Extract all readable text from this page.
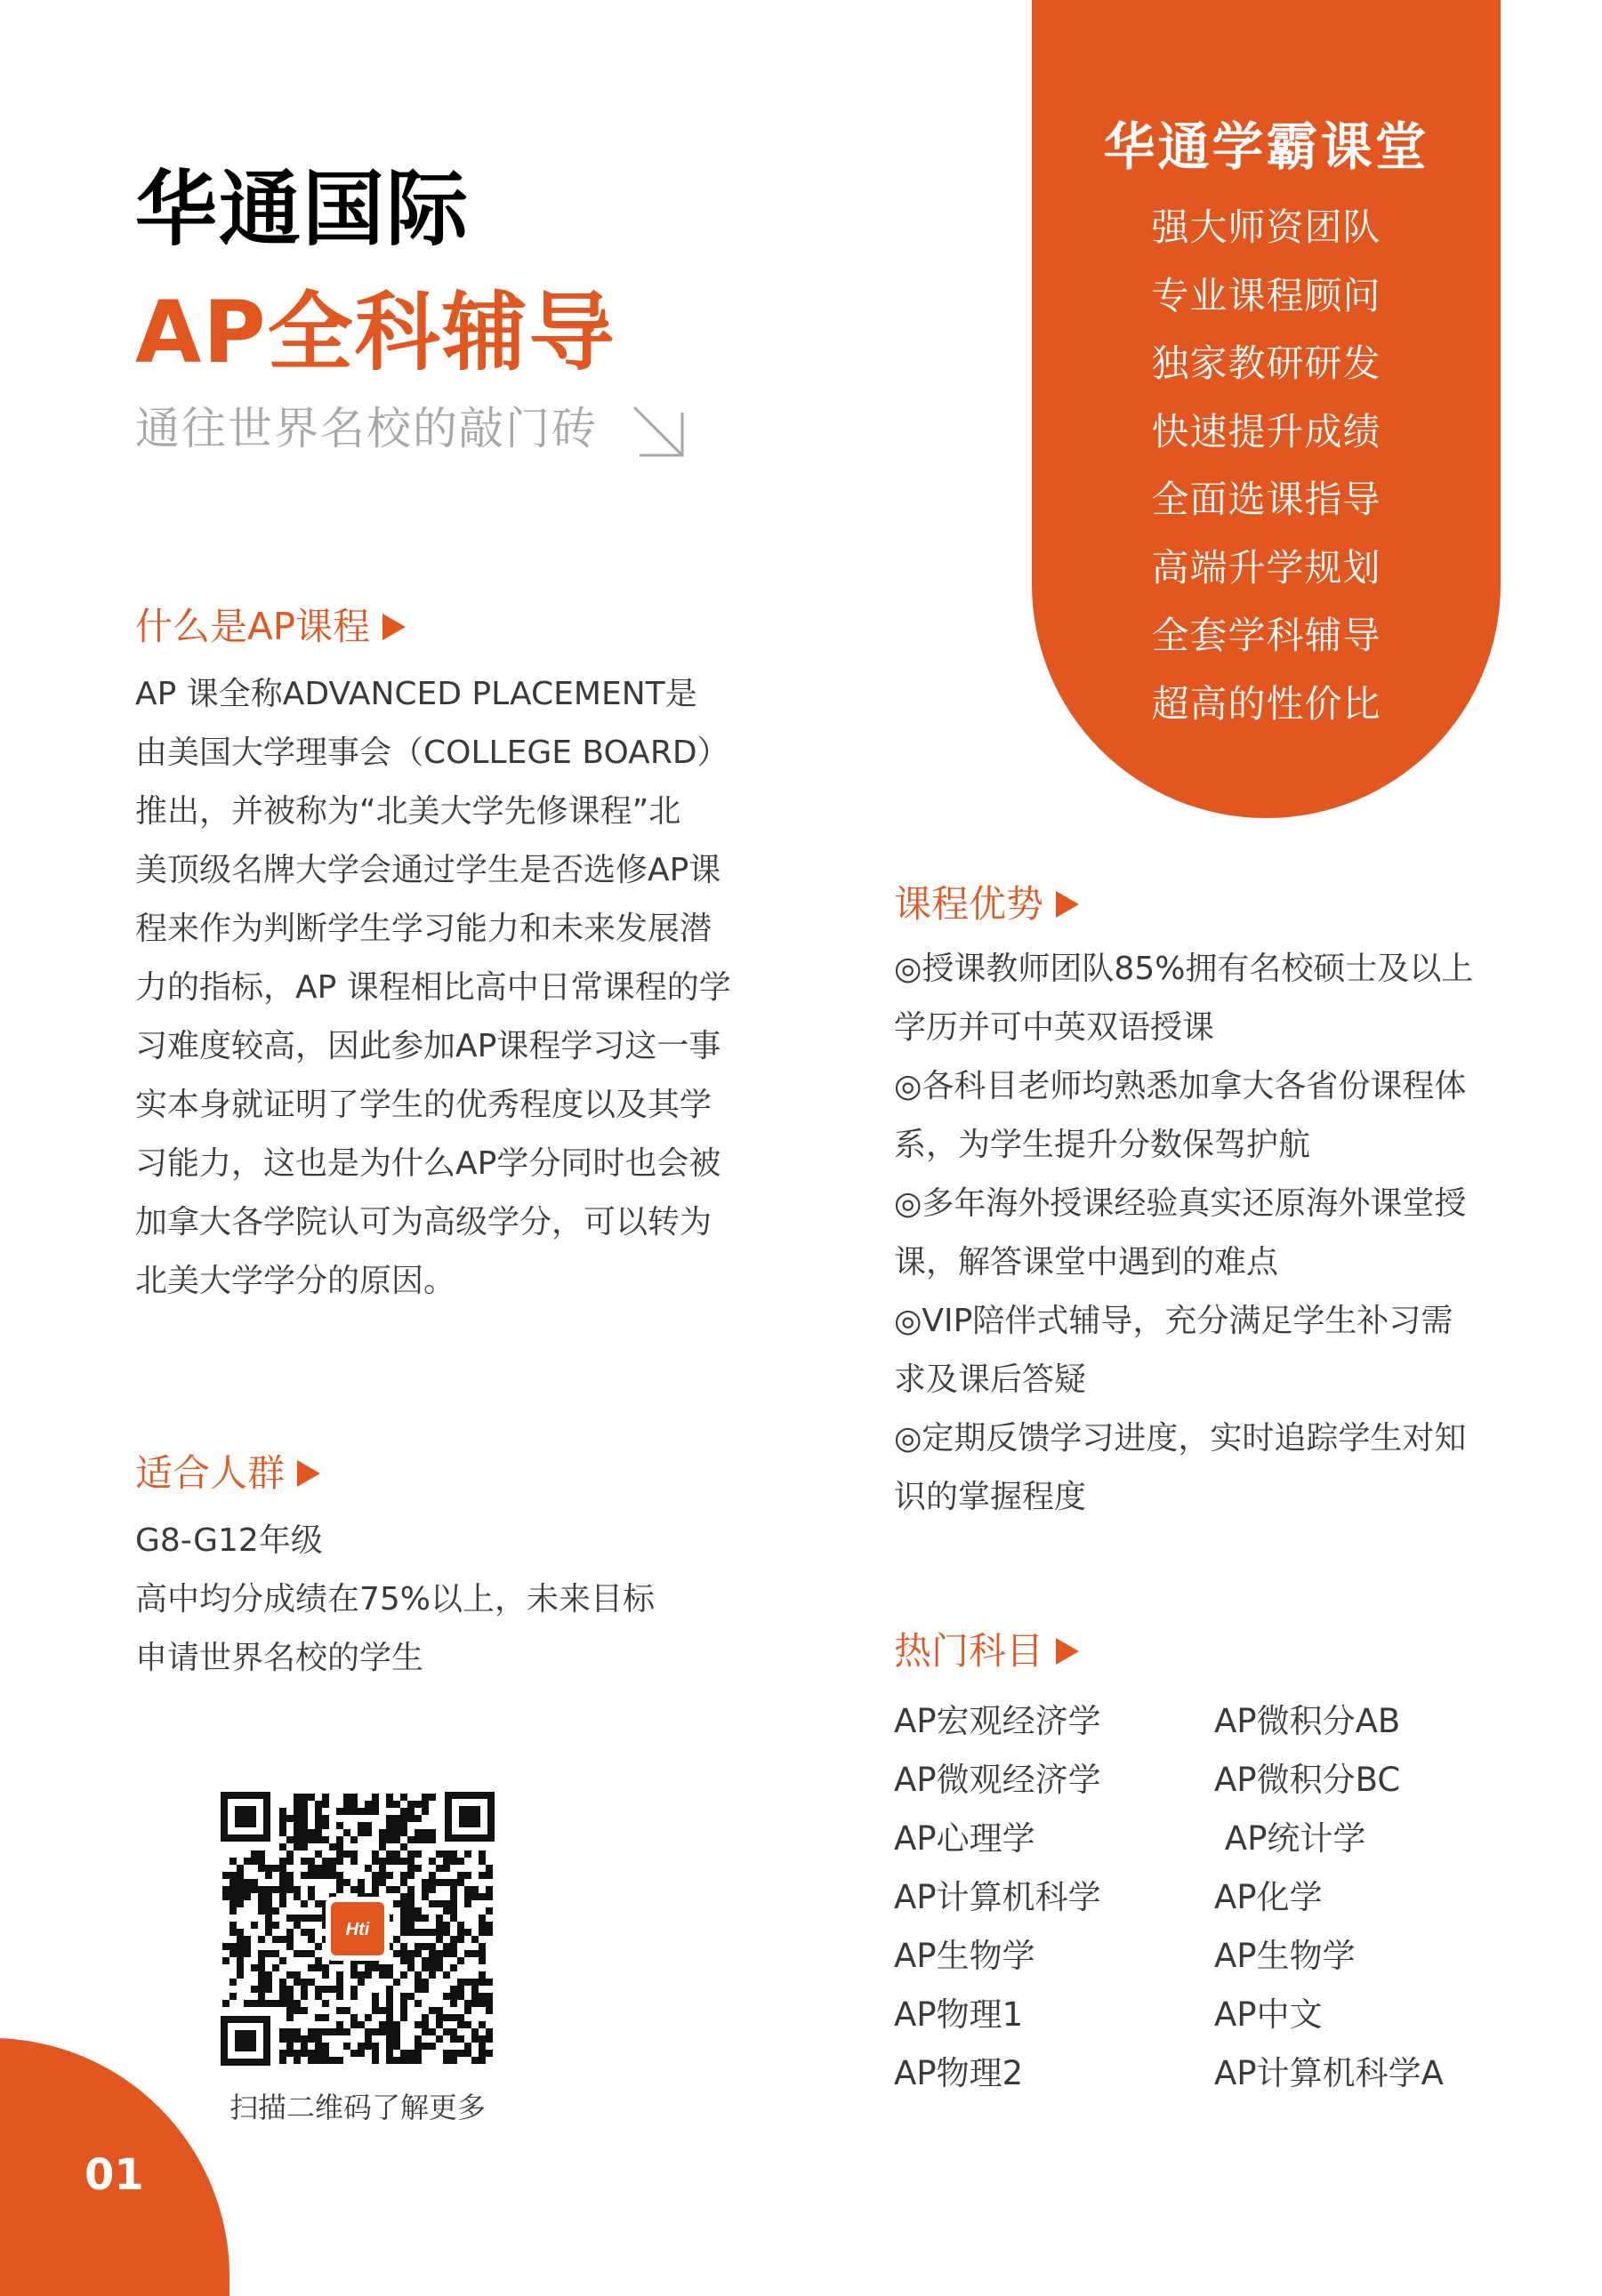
华通学霸课堂
强大师资团队
专业课程顾问
独家教研研发
快速提升成绩
全面选课指导
高端升学规划
全套学科辅导
超高的性价比
华通国际
AP全科辅导
通往世界名校的敲门砖
什么是AP课程
AP 课全称ADVANCED PLACEMENT是
由美国大学理事会（COLLEGE BOARD）
推出，并被称为“北美大学先修课程”北
美顶级名牌大学会通过学生是否选修AP课
程来作为判断学生学习能力和未来发展潜
力的指标，AP 课程相比高中日常课程的学
习难度较高，因此参加AP课程学习这一事
实本身就证明了学生的优秀程度以及其学
习能力，这也是为什么AP学分同时也会被
加拿大各学院认可为高级学分，可以转为
北美大学学分的原因。
适合人群
G8-G12年级
高中均分成绩在75%以上，未来目标
申请世界名校的学生
课程优势
◎授课教师团队85%拥有名校硕士及以上
学历并可中英双语授课
◎各科目老师均熟悉加拿大各省份课程体
系，为学生提升分数保驾护航
◎多年海外授课经验真实还原海外课堂授
课，解答课堂中遇到的难点
◎VIP陪伴式辅导，充分满足学生补习需
求及课后答疑
◎定期反馈学习进度，实时追踪学生对知
识的掌握程度
热门科目
AP宏观经济学
AP微观经济学
AP心理学
AP计算机科学
AP生物学
AP物理1
AP物理2
AP微积分AB
AP微积分BC
AP统计学
AP化学
AP生物学
AP中文
AP计算机科学A
Hti
扫描二维码了解更多
01
